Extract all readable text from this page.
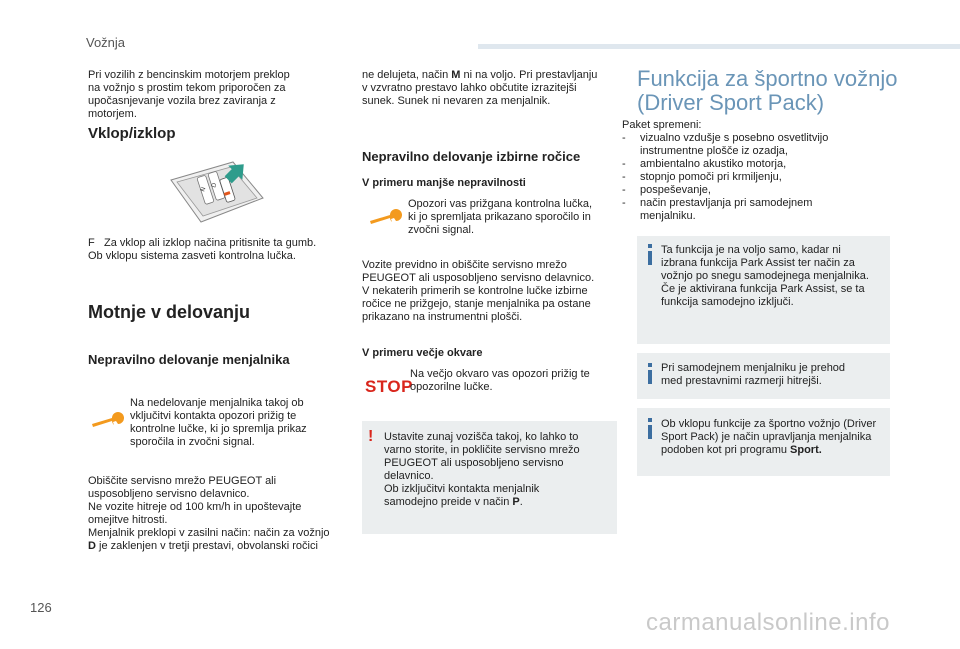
Vožnja

Pri vozilih z bencinskim motorjem preklop

na vožnjo s prostim tekom priporočen za

upočasnjevanje vozila brez zaviranja z

motorjem.

Vklop/izklop
N
D

F Za vklop ali izklop načina pritisnite ta gumb.

Ob vklopu sistema zasveti kontrolna lučka.

Motnje v delovanju
Nepravilno delovanje menjalnika

Na nedelovanje menjalnika takoj ob

vključitvi kontakta opozori prižig te

kontrolne lučke, ki jo spremlja prikaz

sporočila in zvočni signal.

Obiščite servisno mrežo PEUGEOT ali

usposobljeno servisno delavnico.

Ne vozite hitreje od 100 km/h in upoštevajte

omejitve hitrosti.

Menjalnik preklopi v zasilni način: način za vožnjo

D je zaklenjen v tretji prestavi, obvolanski ročici

ne delujeta, način M ni na voljo. Pri prestavljanju

v vzvratno prestavo lahko občutite izrazitejši

sunek. Sunek ni nevaren za menjalnik.

Nepravilno delovanje izbirne ročice
V primeru manjše nepravilnosti

Opozori vas prižgana kontrolna lučka,

ki jo spremljata prikazano sporočilo in

zvočni signal.

Vozite previdno in obiščite servisno mrežo

PEUGEOT ali usposobljeno servisno delavnico.

V nekaterih primerih se kontrolne lučke izbirne

ročice ne prižgejo, stanje menjalnika pa ostane

prikazano na instrumentni plošči.

V primeru večje okvare
STOP

Na večjo okvaro vas opozori prižig te

opozorilne lučke.

! Ustavite zunaj vozišča takoj, ko lahko to

varno storite, in pokličite servisno mrežo

PEUGEOT ali usposobljeno servisno

delavnico.

Ob izključitvi kontakta menjalnik

samodejno preide v način P.

Funkcija za športno vožnjo

(Driver Sport Pack)

Paket spremeni:

- vizualno vzdušje s posebno osvetlitvijo

instrumentne plošče iz ozadja,

- ambientalno akustiko motorja,

- stopnjo pomoči pri krmiljenju,

- pospeševanje,

- način prestavljanja pri samodejnem

menjalniku.

Ta funkcija je na voljo samo, kadar ni

izbrana funkcija Park Assist ter način za

vožnjo po snegu samodejnega menjalnika.

Če je aktivirana funkcija Park Assist, se ta

funkcija samodejno izključi.

Pri samodejnem menjalniku je prehod

med prestavnimi razmerji hitrejši.

Ob vklopu funkcije za športno vožnjo (Driver

Sport Pack) je način upravljanja menjalnika

podoben kot pri programu Sport.

126
carmanualsonline.info
